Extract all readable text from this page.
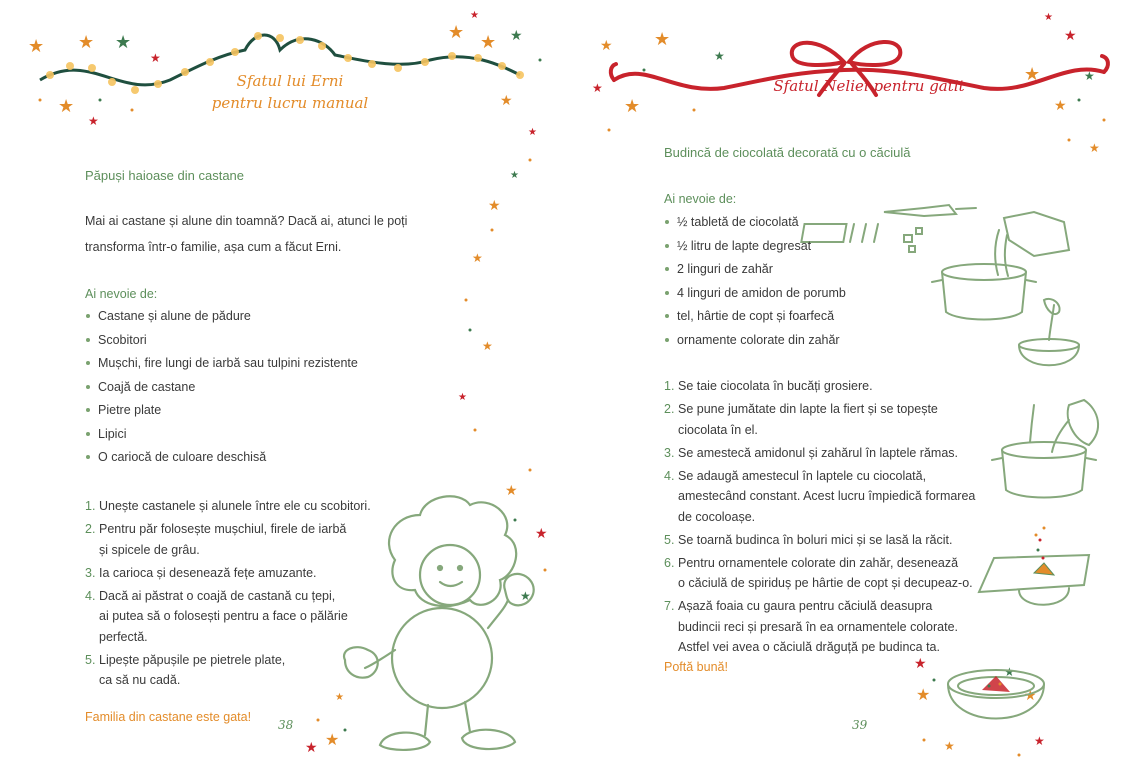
★ ★ ★
★
★
★
★ ★ ★
★
★
★
★
★
★
★
★
★
★
★
★
★
★
Sfatul lui Erni
pentru lucru manual
Păpuși haioase din castane
Mai ai castane și alune din toamnă? Dacă ai, atunci le poți
transforma într-o familie, așa cum a făcut Erni.
Ai nevoie de:
Castane și alune de pădure
Scobitori
Mușchi, fire lungi de iarbă sau tulpini rezistente
Coajă de castane
Pietre plate
Lipici
O cariocă de culoare deschisă
1. Unește castanele și alunele între ele cu scobitori.
2. Pentru păr folosește mușchiul, firele de iarbă
și spicele de grâu.
3. Ia carioca și desenează fețe amuzante.
4. Dacă ai păstrat o coajă de castană cu țepi,
ai putea să o folosești pentru a face o pălărie
perfectă.
5. Lipește păpușile pe pietrele plate,
ca să nu cadă.
Familia din castane este gata!
38
★ ★
★
★
★
★
★
★
★
★
★
★
★
★
★
★	★
Sfatul Neliei pentru gătit
Budincă de ciocolată decorată cu o căciulă
Ai nevoie de:
½ tabletă de ciocolată
½ litru de lapte degresat
2 linguri de zahăr
4 linguri de amidon de porumb
tel, hârtie de copt și foarfecă
ornamente colorate din zahăr
1. Se taie ciocolata în bucăți grosiere.
2. Se pune jumătate din lapte la fiert și se topește
ciocolata în el.
3. Se amestecă amidonul și zahărul în laptele rămas.
4. Se adaugă amestecul în laptele cu ciocolată,
amestecând constant. Acest lucru împiedică formarea
de cocoloașe.
5. Se toarnă budinca în boluri mici și se lasă la răcit.
6. Pentru ornamentele colorate din zahăr, desenează
o căciulă de spiriduș pe hârtie de copt și decupeaz-o.
7. Așază foaia cu gaura pentru căciulă deasupra
budincii reci și presară în ea ornamentele colorate.
Astfel vei avea o căciulă drăguță pe budinca ta.
Poftă bună!
39
